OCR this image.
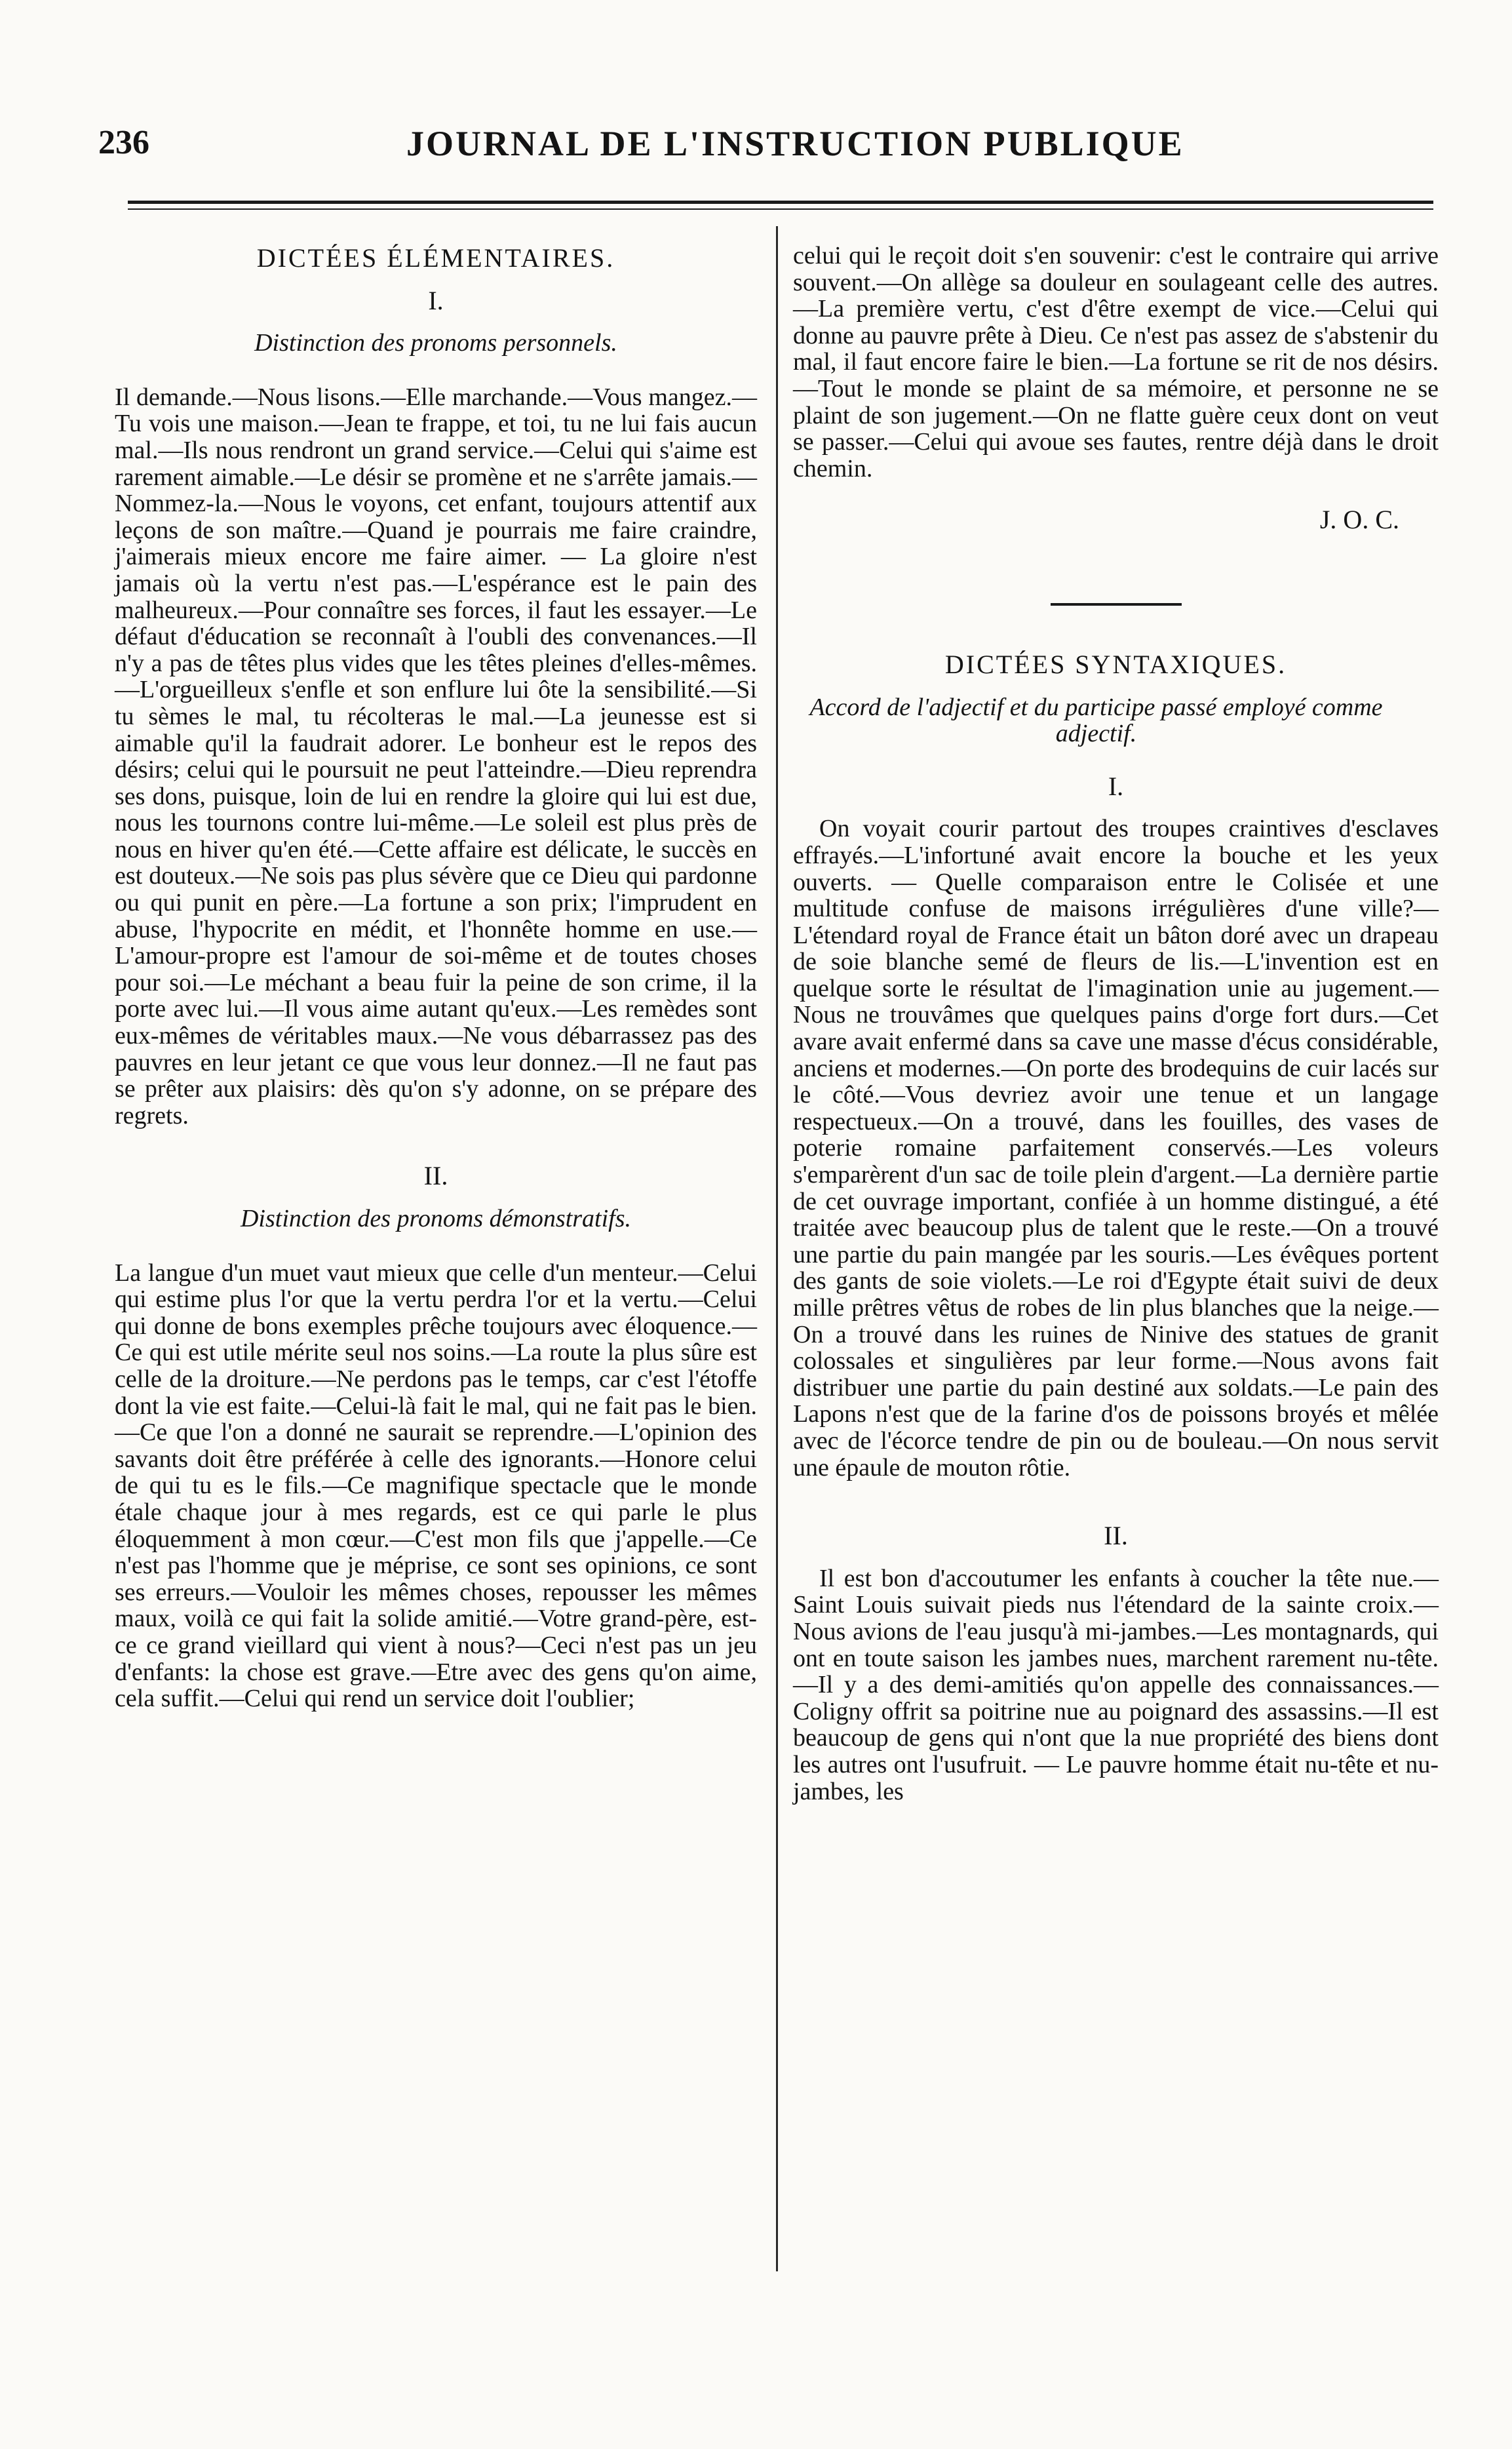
236	JOURNAL DE L'INSTRUCTION PUBLIQUE
DICTÉES ÉLÉMENTAIRES.
I.
Distinction des pronoms personnels.

Il demande.—Nous lisons.—Elle marchande.—Vous mangez.—Tu vois une maison.—Jean te frappe, et toi, tu ne lui fais aucun mal.—Ils nous rendront un grand service.—Celui qui s'aime est rarement aimable.—Le désir se promène et ne s'arrête jamais.—Nommez-la.—Nous le voyons, cet enfant, toujours attentif aux leçons de son maître.—Quand je pourrais me faire craindre, j'aimerais mieux encore me faire aimer. — La gloire n'est jamais où la vertu n'est pas.—L'espérance est le pain des malheureux.—Pour connaître ses forces, il faut les essayer.—Le défaut d'éducation se reconnaît à l'oubli des convenances.—Il n'y a pas de têtes plus vides que les têtes pleines d'elles-mêmes.—L'orgueilleux s'enfle et son enflure lui ôte la sensibilité.—Si tu sèmes le mal, tu récolteras le mal.—La jeunesse est si aimable qu'il la faudrait adorer. Le bonheur est le repos des désirs; celui qui le poursuit ne peut l'atteindre.—Dieu reprendra ses dons, puisque, loin de lui en rendre la gloire qui lui est due, nous les tournons contre lui-même.—Le soleil est plus près de nous en hiver qu'en été.—Cette affaire est délicate, le succès en est douteux.—Ne sois pas plus sévère que ce Dieu qui pardonne ou qui punit en père.—La fortune a son prix; l'imprudent en abuse, l'hypocrite en médit, et l'honnête homme en use.—L'amour-propre est l'amour de soi-même et de toutes choses pour soi.—Le méchant a beau fuir la peine de son crime, il la porte avec lui.—Il vous aime autant qu'eux.—Les remèdes sont eux-mêmes de véritables maux.—Ne vous débarrassez pas des pauvres en leur jetant ce que vous leur donnez.—Il ne faut pas se prêter aux plaisirs: dès qu'on s'y adonne, on se prépare des regrets.

II.
Distinction des pronoms démonstratifs.

La langue d'un muet vaut mieux que celle d'un menteur.—Celui qui estime plus l'or que la vertu perdra l'or et la vertu.—Celui qui donne de bons exemples prêche toujours avec éloquence.—Ce qui est utile mérite seul nos soins.—La route la plus sûre est celle de la droiture.—Ne perdons pas le temps, car c'est l'étoffe dont la vie est faite.—Celui-là fait le mal, qui ne fait pas le bien.—Ce que l'on a donné ne saurait se reprendre.—L'opinion des savants doit être préférée à celle des ignorants.—Honore celui de qui tu es le fils.—Ce magnifique spectacle que le monde étale chaque jour à mes regards, est ce qui parle le plus éloquemment à mon cœur.—C'est mon fils que j'appelle.—Ce n'est pas l'homme que je méprise, ce sont ses opinions, ce sont ses erreurs.—Vouloir les mêmes choses, repousser les mêmes maux, voilà ce qui fait la solide amitié.—Votre grand-père, est-ce ce grand vieillard qui vient à nous?—Ceci n'est pas un jeu d'enfants: la chose est grave.—Etre avec des gens qu'on aime, cela suffit.—Celui qui rend un service doit l'oublier;

celui qui le reçoit doit s'en souvenir: c'est le contraire qui arrive souvent.—On allège sa douleur en soulageant celle des autres.—La première vertu, c'est d'être exempt de vice.—Celui qui donne au pauvre prête à Dieu. Ce n'est pas assez de s'abstenir du mal, il faut encore faire le bien.—La fortune se rit de nos désirs.—Tout le monde se plaint de sa mémoire, et personne ne se plaint de son jugement.—On ne flatte guère ceux dont on veut se passer.—Celui qui avoue ses fautes, rentre déjà dans le droit chemin.

J. O. C.
DICTÉES SYNTAXIQUES.
Accord de l'adjectif et du participe passé employé comme adjectif.
I.

On voyait courir partout des troupes craintives d'esclaves effrayés.—L'infortuné avait encore la bouche et les yeux ouverts. — Quelle comparaison entre le Colisée et une multitude confuse de maisons irrégulières d'une ville?—L'étendard royal de France était un bâton doré avec un drapeau de soie blanche semé de fleurs de lis.—L'invention est en quelque sorte le résultat de l'imagination unie au jugement.—Nous ne trouvâmes que quelques pains d'orge fort durs.—Cet avare avait enfermé dans sa cave une masse d'écus considérable, anciens et modernes.—On porte des brodequins de cuir lacés sur le côté.—Vous devriez avoir une tenue et un langage respectueux.—On a trouvé, dans les fouilles, des vases de poterie romaine parfaitement conservés.—Les voleurs s'emparèrent d'un sac de toile plein d'argent.—La dernière partie de cet ouvrage important, confiée à un homme distingué, a été traitée avec beaucoup plus de talent que le reste.—On a trouvé une partie du pain mangée par les souris.—Les évêques portent des gants de soie violets.—Le roi d'Egypte était suivi de deux mille prêtres vêtus de robes de lin plus blanches que la neige.—On a trouvé dans les ruines de Ninive des statues de granit colossales et singulières par leur forme.—Nous avons fait distribuer une partie du pain destiné aux soldats.—Le pain des Lapons n'est que de la farine d'os de poissons broyés et mêlée avec de l'écorce tendre de pin ou de bouleau.—On nous servit une épaule de mouton rôtie.

II.

Il est bon d'accoutumer les enfants à coucher la tête nue.—Saint Louis suivait pieds nus l'étendard de la sainte croix.—Nous avions de l'eau jusqu'à mi-jambes.—Les montagnards, qui ont en toute saison les jambes nues, marchent rarement nu-tête.—Il y a des demi-amitiés qu'on appelle des connaissances.—Coligny offrit sa poitrine nue au poignard des assassins.—Il est beaucoup de gens qui n'ont que la nue propriété des biens dont les autres ont l'usufruit. — Le pauvre homme était nu-tête et nu-jambes, les
